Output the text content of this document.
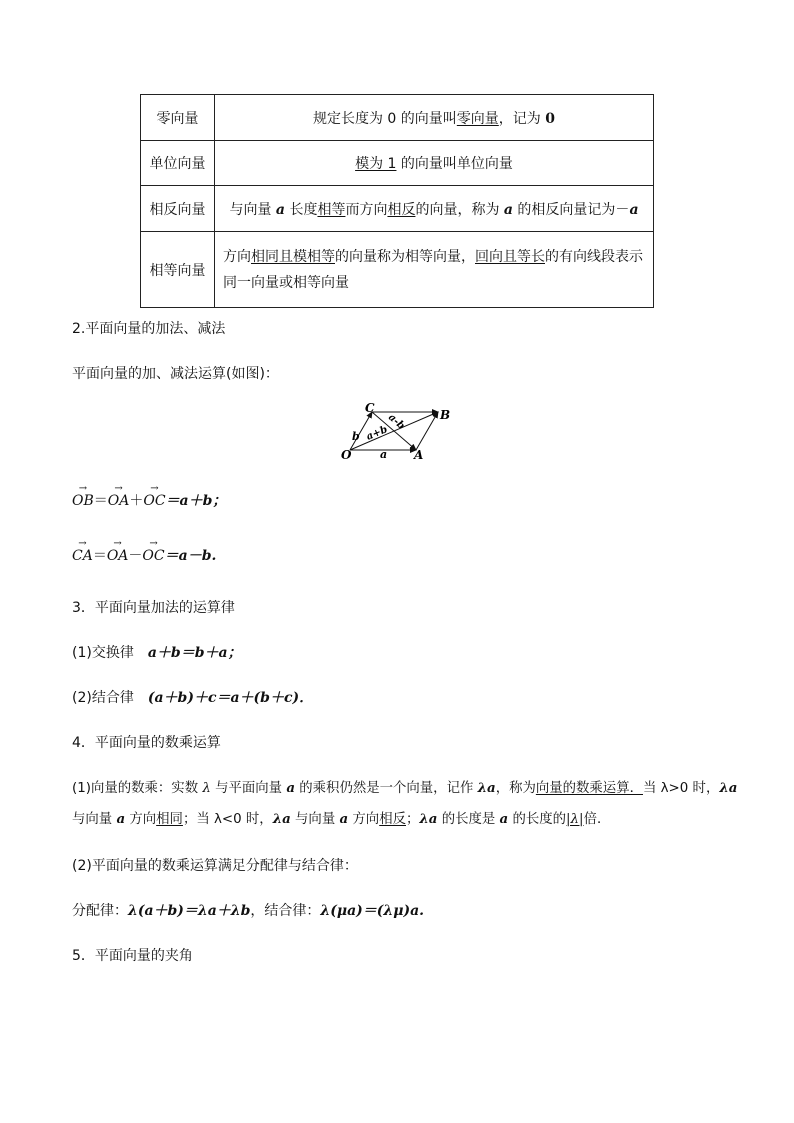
零向量	规定长度为 0 的向量叫零向量，记为 0
单位向量	模为 1 的向量叫单位向量
相反向量	与向量 a 长度相等而方向相反的向量，称为 a 的相反向量记为－a
相等向量	方向相同且模相等的向量称为相等向量，回向且等长的有向线段表示
同一向量或相等向量
2.平面向量的加法、减法
平面向量的加、减法运算(如图)：
C	B
O	A
a
b a+b
a-b
→
OB＝
→
OA＋
→
OC＝a＋b；
→
CA＝
→
OA－
→
OC＝a－b.
3．平面向量加法的运算律
(1)交换律　a＋b＝b＋a；
(2)结合律　(a＋b)＋c＝a＋(b＋c)．
4．平面向量的数乘运算
(1)向量的数乘：实数 λ 与平面向量 a 的乘积仍然是一个向量，记作 λa，称为向量的数乘运算．当 λ>0 时，λa
与向量 a 方向相同；当 λ<0 时，λa 与向量 a 方向相反；λa 的长度是 a 的长度的|λ|倍．
(2)平面向量的数乘运算满足分配律与结合律：
分配律：λ(a＋b)＝λa＋λb，结合律：λ(μa)＝(λμ)a.
5．平面向量的夹角
